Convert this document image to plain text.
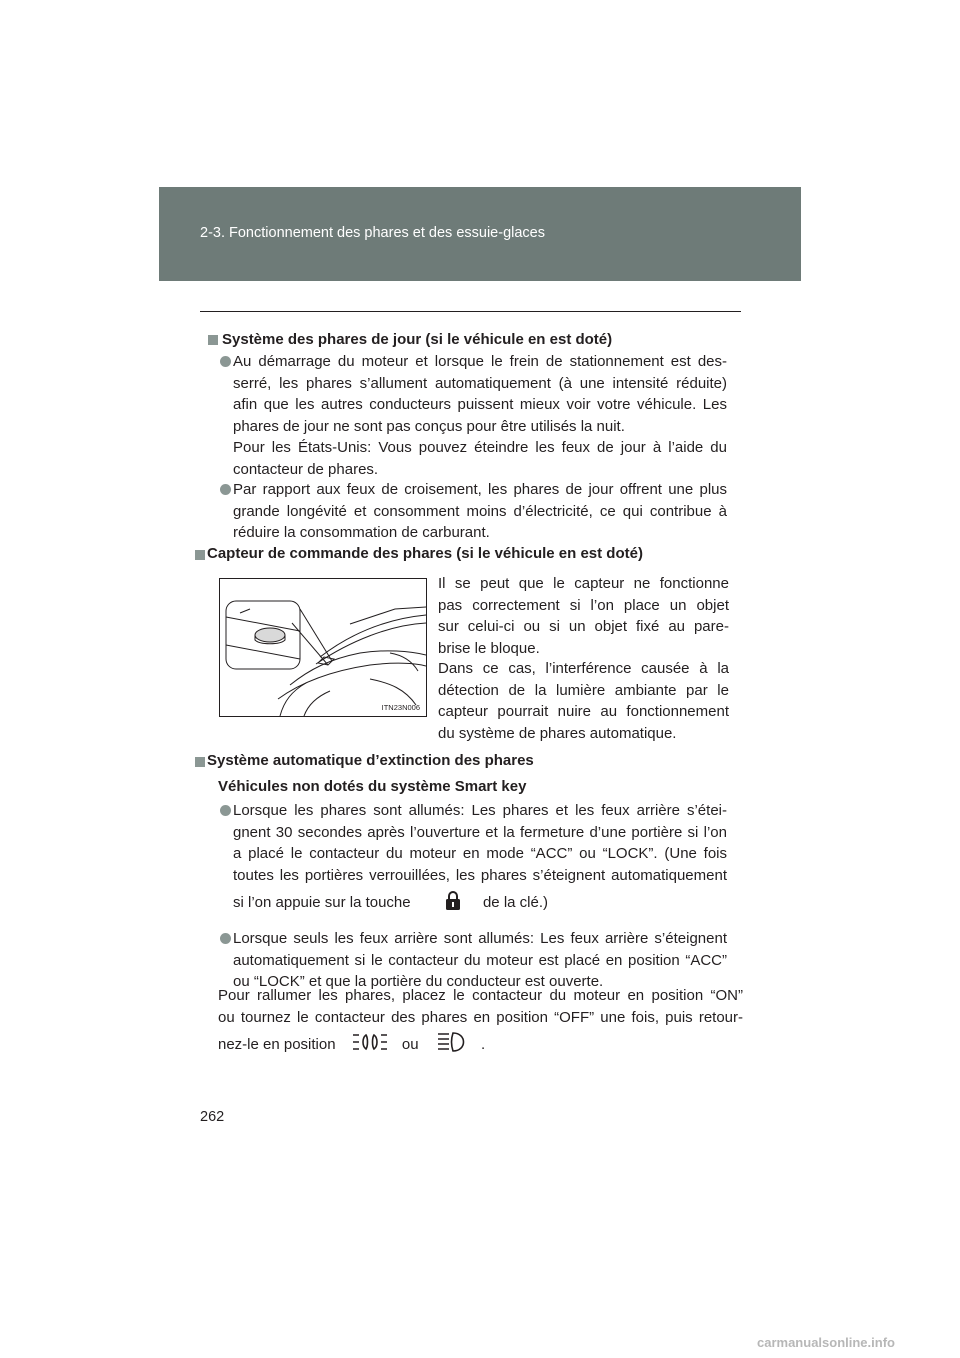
2-3. Fonctionnement des phares et des essuie-glaces
Système des phares de jour (si le véhicule en est doté)
Au démarrage du moteur et lorsque le frein de stationnement est des-
serré, les phares s’allument automatiquement (à une intensité réduite)
afin que les autres conducteurs puissent mieux voir votre véhicule. Les
phares de jour ne sont pas conçus pour être utilisés la nuit.
Pour les États-Unis: Vous pouvez éteindre les feux de jour à l’aide du
contacteur de phares.
Par rapport aux feux de croisement, les phares de jour offrent une plus
grande longévité et consomment moins d’électricité, ce qui contribue à
réduire la consommation de carburant.
Capteur de commande des phares (si le véhicule en est doté)
ITN23N006
Il se peut que le capteur ne fonctionne
pas correctement si l’on place un objet
sur celui-ci ou si un objet fixé au pare-
brise le bloque.
Dans ce cas, l’interférence causée à la
détection de la lumière ambiante par le
capteur pourrait nuire au fonctionnement
du système de phares automatique.
Système automatique d’extinction des phares
Véhicules non dotés du système Smart key
Lorsque les phares sont allumés: Les phares et les feux arrière s’étei-
gnent 30 secondes après l’ouverture et la fermeture d’une portière si l’on
a placé le contacteur du moteur en mode “ACC” ou “LOCK”. (Une fois
toutes les portières verrouillées, les phares s’éteignent automatiquement
si l’on appuie sur la touche	de la clé.)
Lorsque seuls les feux arrière sont allumés: Les feux arrière s’éteignent
automatiquement si le contacteur du moteur est placé en position “ACC”
ou “LOCK” et que la portière du conducteur est ouverte.
Pour rallumer les phares, placez le contacteur du moteur en position “ON”
ou tournez le contacteur des phares en position “OFF” une fois, puis retour-
nez-le en position	ou	.
262
carmanualsonline.info
